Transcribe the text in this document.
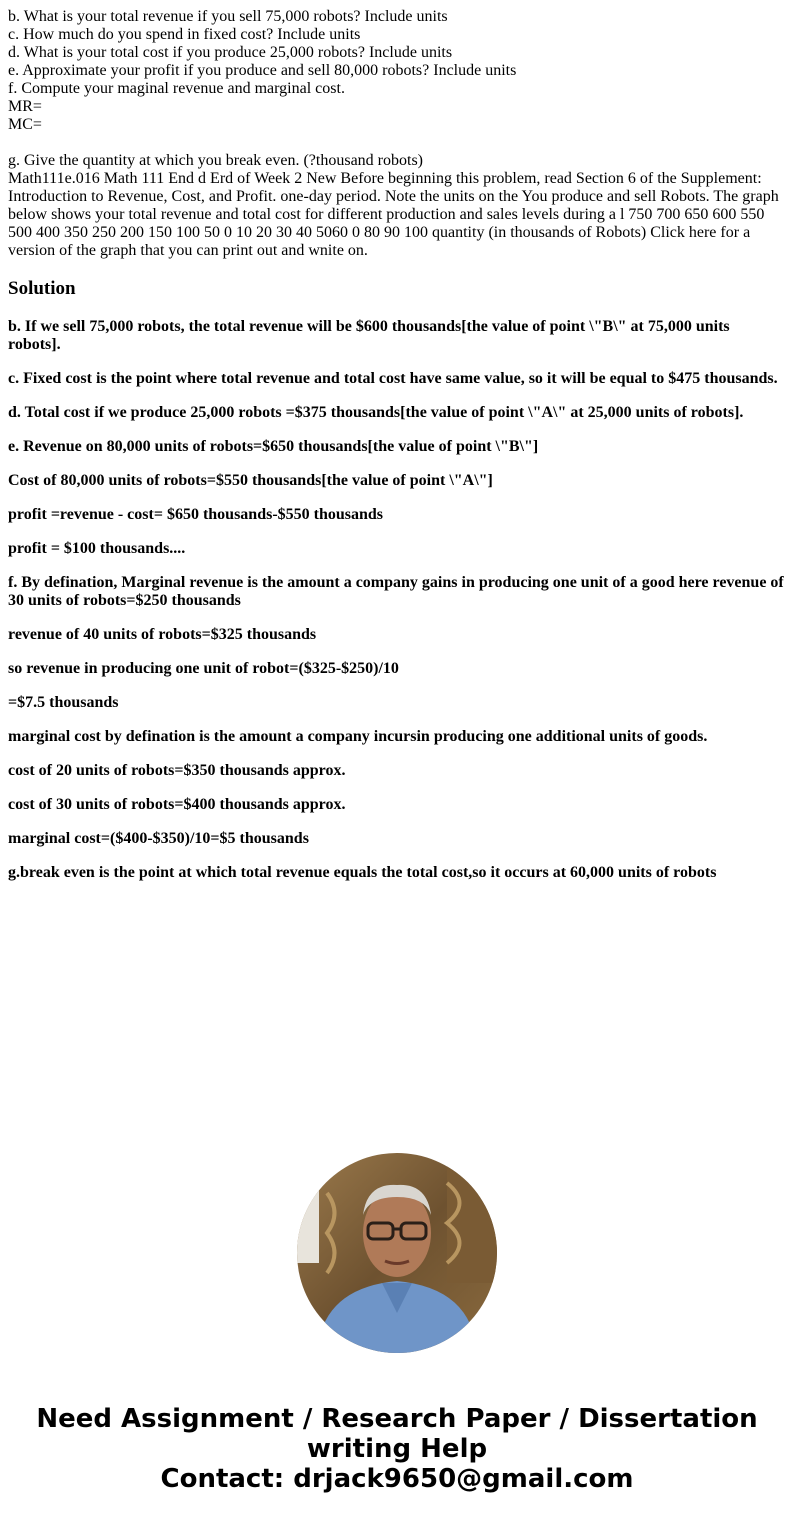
b. What is your total revenue if you sell 75,000 robots? Include units
c. How much do you spend in fixed cost? Include units
d. What is your total cost if you produce 25,000 robots? Include units
e. Approximate your profit if you produce and sell 80,000 robots? Include units
f. Compute your maginal revenue and marginal cost.
MR=
MC=
g. Give the quantity at which you break even. (?thousand robots)
Math111e.016 Math 111 End d Erd of Week 2 New Before beginning this problem, read Section 6 of the Supplement: Introduction to Revenue, Cost, and Profit. one-day period. Note the units on the You produce and sell Robots. The graph below shows your total revenue and total cost for different production and sales levels during a l 750 700 650 600 550 500 400 350 250 200 150 100 50 0 10 20 30 40 5060 0 80 90 100 quantity (in thousands of Robots) Click here for a version of the graph that you can print out and wnite on.
Solution

b. If we sell 75,000 robots, the total revenue will be $600 thousands[the value of point \"B\" at 75,000 units robots].

c. Fixed cost is the point where total revenue and total cost have same value, so it will be equal to $475 thousands.

d. Total cost if we produce 25,000 robots =$375 thousands[the value of point \"A\" at 25,000 units of robots].

e. Revenue on 80,000 units of robots=$650 thousands[the value of point \"B\"]

Cost of 80,000 units of robots=$550 thousands[the value of point \"A\"]

profit =revenue - cost= $650 thousands-$550 thousands

profit = $100 thousands....

f. By defination, Marginal revenue is the amount a company gains in producing one unit of a good here revenue of 30 units of robots=$250 thousands

revenue of 40 units of robots=$325 thousands

so revenue in producing one unit of robot=($325-$250)/10

=$7.5 thousands

marginal cost by defination is the amount a company incursin producing one additional units of goods.

cost of 20 units of robots=$350 thousands approx.

cost of 30 units of robots=$400 thousands approx.

marginal cost=($400-$350)/10=$5 thousands

g.break even is the point at which total revenue equals the total cost,so it occurs at 60,000 units of robots

Need Assignment / Research Paper / Dissertation
writing Help
Contact: drjack9650@gmail.com
